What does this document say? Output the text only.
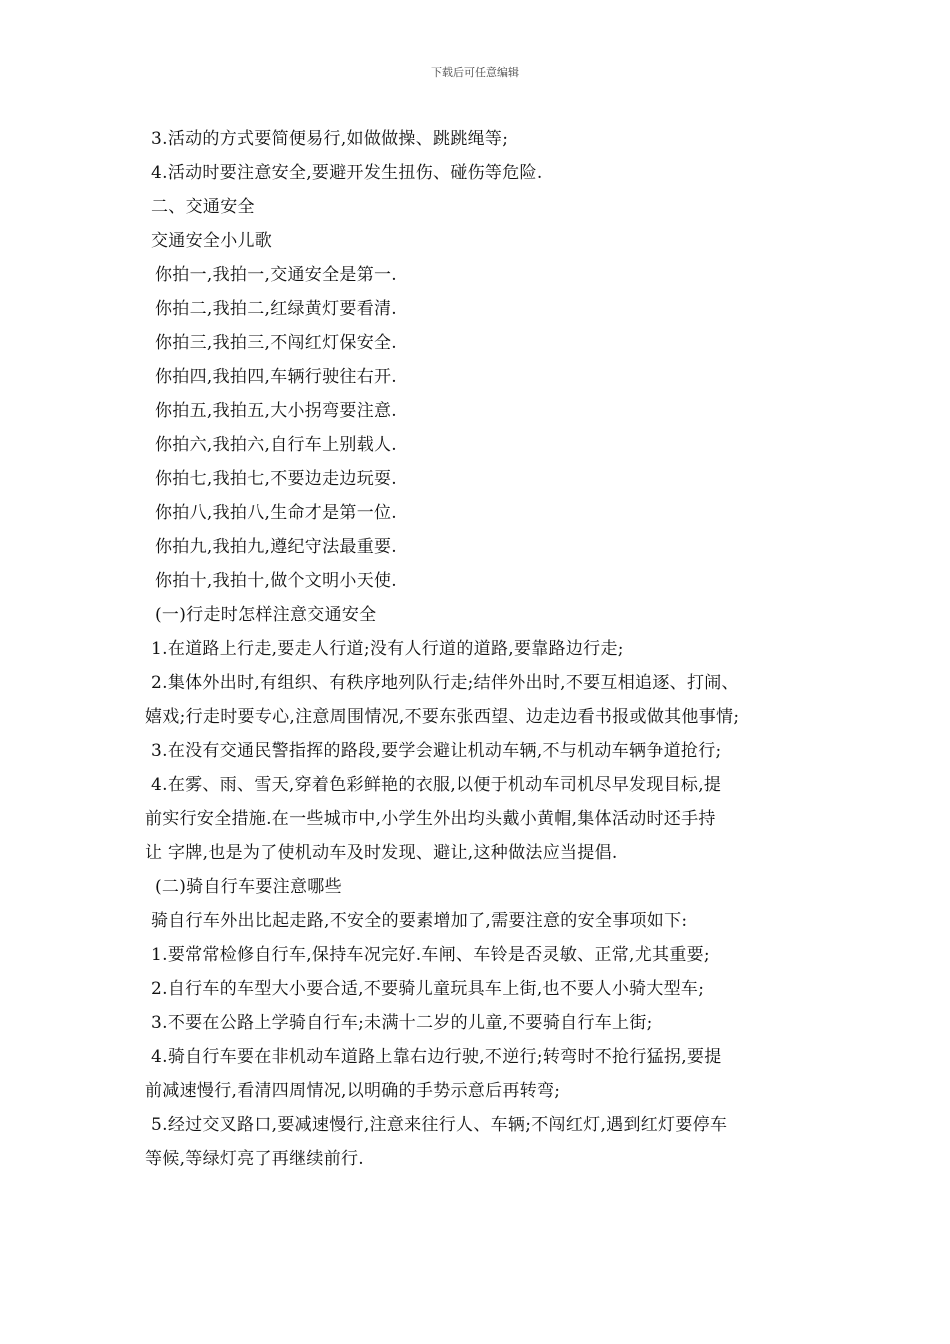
下载后可任意编辑
3.活动的方式要简便易行,如做做操、跳跳绳等;
4.活动时要注意安全,要避开发生扭伤、碰伤等危险.
二、交通安全
交通安全小儿歌
你拍一,我拍一,交通安全是第一.
你拍二,我拍二,红绿黄灯要看清.
你拍三,我拍三,不闯红灯保安全.
你拍四,我拍四,车辆行驶往右开.
你拍五,我拍五,大小拐弯要注意.
你拍六,我拍六,自行车上别载人.
你拍七,我拍七,不要边走边玩耍.
你拍八,我拍八,生命才是第一位.
你拍九,我拍九,遵纪守法最重要.
你拍十,我拍十,做个文明小天使.
(一)行走时怎样注意交通安全
1.在道路上行走,要走人行道;没有人行道的道路,要靠路边行走;
2.集体外出时,有组织、有秩序地列队行走;结伴外出时,不要互相追逐、打闹、
嬉戏;行走时要专心,注意周围情况,不要东张西望、边走边看书报或做其他事情;
3.在没有交通民警指挥的路段,要学会避让机动车辆,不与机动车辆争道抢行;
4.在雾、雨、雪天,穿着色彩鲜艳的衣服,以便于机动车司机尽早发现目标,提
前实行安全措施.在一些城市中,小学生外出均头戴小黄帽,集体活动时还手持
让 字牌,也是为了使机动车及时发现、避让,这种做法应当提倡.
(二)骑自行车要注意哪些
骑自行车外出比起走路,不安全的要素增加了,需要注意的安全事项如下:
1.要常常检修自行车,保持车况完好.车闸、车铃是否灵敏、正常,尤其重要;
2.自行车的车型大小要合适,不要骑儿童玩具车上街,也不要人小骑大型车;
3.不要在公路上学骑自行车;未满十二岁的儿童,不要骑自行车上街;
4.骑自行车要在非机动车道路上靠右边行驶,不逆行;转弯时不抢行猛拐,要提
前减速慢行,看清四周情况,以明确的手势示意后再转弯;
5.经过交叉路口,要减速慢行,注意来往行人、车辆;不闯红灯,遇到红灯要停车
等候,等绿灯亮了再继续前行.
